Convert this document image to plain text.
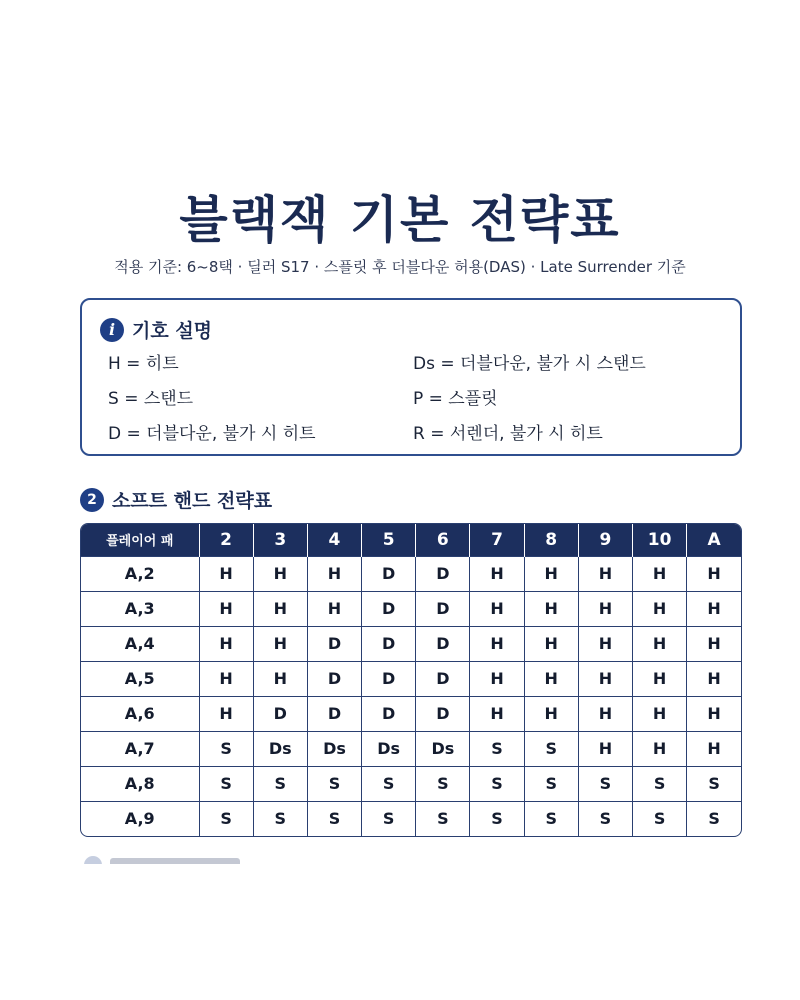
블랙잭 기본 전략표

적용 기준: 6~8택 · 딜러 S17 · 스플릿 후 더블다운 허용(DAS) · Late Surrender 기준

i 기호 설명
H = 히트	Ds = 더블다운, 불가 시 스탠드
S = 스탠드	P = 스플릿
D = 더블다운, 불가 시 히트	R = 서렌더, 불가 시 히트
2 소프트 핸드 전략표
플레이어 패	2	3	4	5	6	7	8	9	10	A
A,2	H	H	H	D	D	H	H	H	H	H
A,3	H	H	H	D	D	H	H	H	H	H
A,4	H	H	D	D	D	H	H	H	H	H
A,5	H	H	D	D	D	H	H	H	H	H
A,6	H	D	D	D	D	H	H	H	H	H
A,7	S	Ds	Ds	Ds	Ds	S	S	H	H	H
A,8	S	S	S	S	S	S	S	S	S	S
A,9	S	S	S	S	S	S	S	S	S	S
